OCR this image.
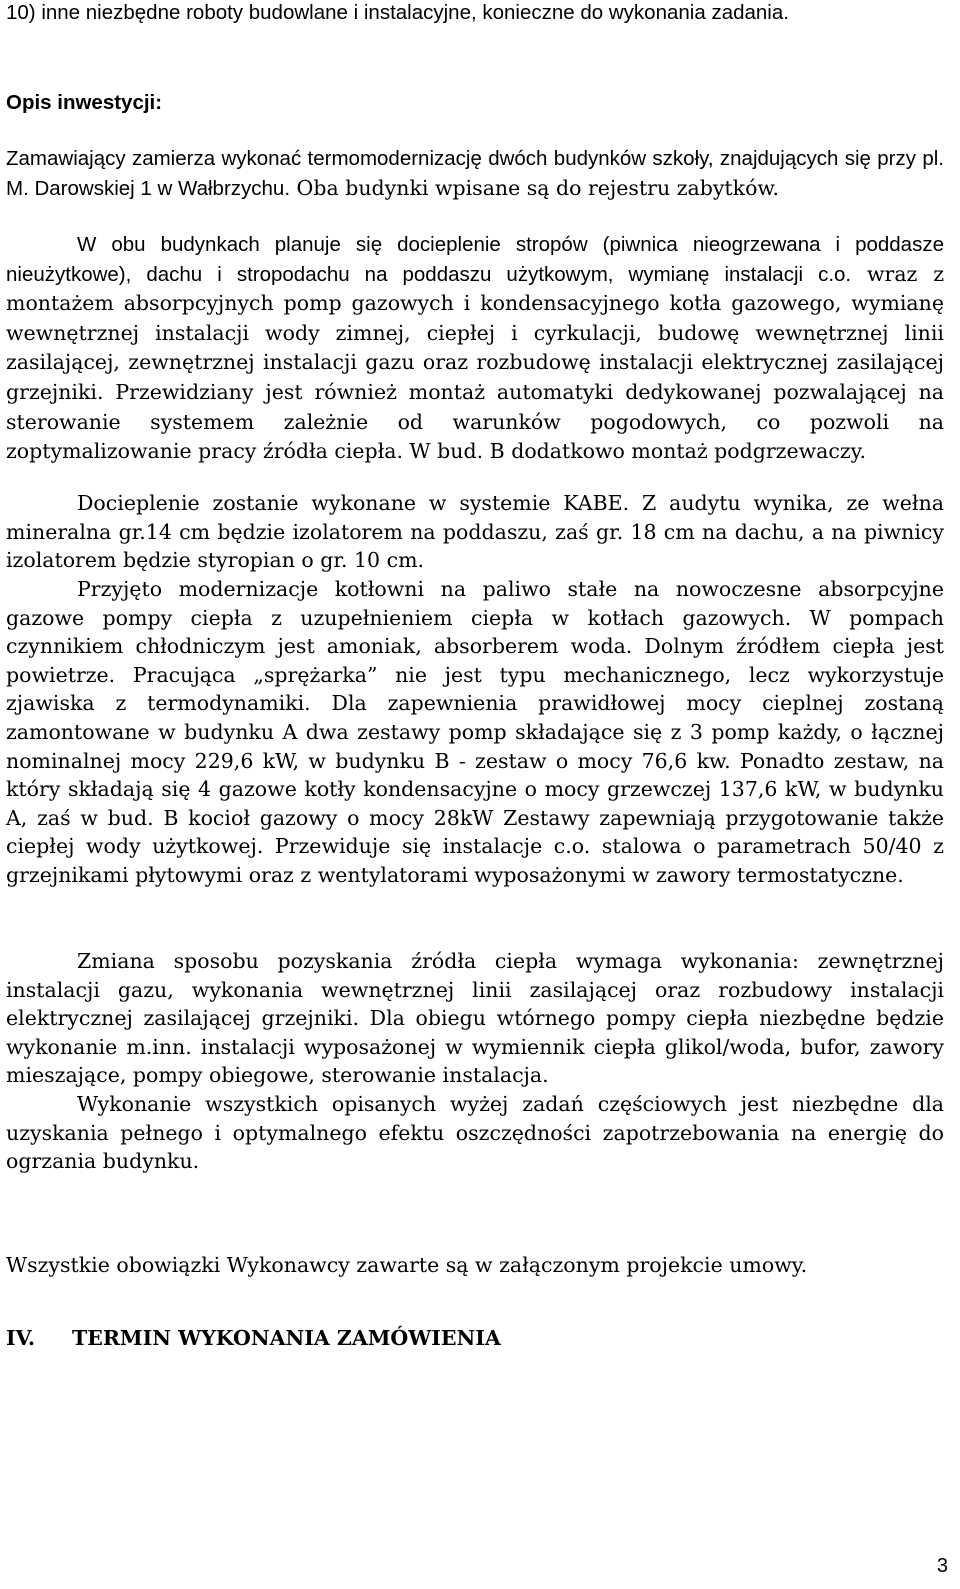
10) inne niezbędne roboty budowlane i instalacyjne, konieczne do wykonania zadania.

Opis inwestycji:

Zamawiający zamierza wykonać termomodernizację dwóch budynków szkoły, znajdujących się przy pl. M. Darowskiej 1 w Wałbrzychu. Oba budynki wpisane są do rejestru zabytków.

W obu budynkach planuje się docieplenie stropów (piwnica nieogrzewana i poddasze nieużytkowe), dachu i stropodachu na poddaszu użytkowym, wymianę instalacji c.o. wraz z montażem absorpcyjnych pomp gazowych i kondensacyjnego kotła gazowego, wymianę wewnętrznej instalacji wody zimnej, ciepłej i cyrkulacji, budowę wewnętrznej linii zasilającej, zewnętrznej instalacji gazu oraz rozbudowę instalacji elektrycznej zasilającej grzejniki. Przewidziany jest również montaż automatyki dedykowanej pozwalającej na sterowanie systemem zależnie od warunków pogodowych, co pozwoli na zoptymalizowanie pracy źródła ciepła. W bud. B dodatkowo montaż podgrzewaczy.

Docieplenie zostanie wykonane w systemie KABE. Z audytu wynika, ze wełna mineralna gr.14 cm będzie izolatorem na poddaszu, zaś gr. 18 cm na dachu, a na piwnicy izolatorem będzie styropian o gr. 10 cm.

Przyjęto modernizacje kotłowni na paliwo stałe na nowoczesne absorpcyjne gazowe pompy ciepła z uzupełnieniem ciepła w kotłach gazowych. W pompach czynnikiem chłodniczym jest amoniak, absorberem woda. Dolnym źródłem ciepła jest powietrze. Pracująca „sprężarka” nie jest typu mechanicznego, lecz wykorzystuje zjawiska z termodynamiki. Dla zapewnienia prawidłowej mocy cieplnej zostaną zamontowane w budynku A dwa zestawy pomp składające się z 3 pomp każdy, o łącznej nominalnej mocy 229,6 kW, w budynku B - zestaw o mocy 76,6 kw. Ponadto zestaw, na który składają się 4 gazowe kotły kondensacyjne o mocy grzewczej 137,6 kW, w budynku A, zaś w bud. B kocioł gazowy o mocy 28kW Zestawy zapewniają przygotowanie także ciepłej wody użytkowej. Przewiduje się instalacje c.o. stalowa o parametrach 50/40 z grzejnikami płytowymi oraz z wentylatorami wyposażonymi w zawory termostatyczne.

Zmiana sposobu pozyskania źródła ciepła wymaga wykonania: zewnętrznej instalacji gazu, wykonania wewnętrznej linii zasilającej oraz rozbudowy instalacji elektrycznej zasilającej grzejniki. Dla obiegu wtórnego pompy ciepła niezbędne będzie wykonanie m.inn. instalacji wyposażonej w wymiennik ciepła glikol/woda, bufor, zawory mieszające, pompy obiegowe, sterowanie instalacja.

Wykonanie wszystkich opisanych wyżej zadań częściowych jest niezbędne dla uzyskania pełnego i optymalnego efektu oszczędności zapotrzebowania na energię do ogrzania budynku.

Wszystkie obowiązki Wykonawcy zawarte są w załączonym projekcie umowy.

IV.	TERMIN WYKONANIA ZAMÓWIENIA
3
